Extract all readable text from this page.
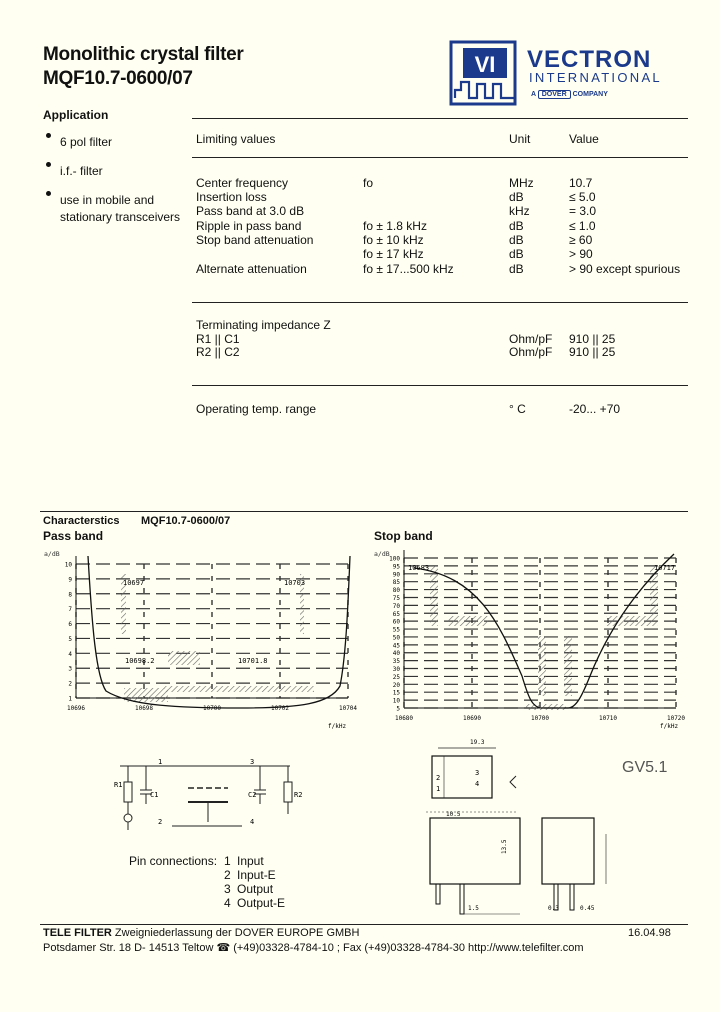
Monolithic crystal filter
MQF10.7-0600/07
VI VECTRON
INTERNATIONAL
A DOVER COMPANY
Application
6 pol filter
i.f.- filter
use in mobile and
stationary transceivers
Limiting values	Unit	Value
Terminating impedance Z
R1 || C1	Ohm/pF 910 || 25
R2 || C2	Ohm/pF 910 || 25
Operating temp. range	° C	-20... +70
Characterstics MQF10.7-0600/07
Pass band	Stop band
a/dB
10
9
8
7
6
5
4
3
2
1
10696	10698	10700	10702	10704
10697	10703
10698.2	10701.8
f/kHz
a/dB
100
95
90
85
80
75
70
65
60
55
50
45
40
35
30
25
20
15
10
5
10680	10690	10700	10710	10720
10683	10717
f/kHz
R1
C1	C2	R2
1
2
3
4
Pin connections:
19.3
2
1
3
4
GV5.1
1.5
13.5
0.3	0.45
10.5
TELE FILTER Zweigniederlassung der DOVER EUROPE GMBH	16.04.98
Potsdamer Str. 18 D- 14513 Teltow ☎ (+49)03328-4784-10 ; Fax (+49)03328-4784-30 http://www.telefilter.com
Center frequency	fo	MHz	10.7
Insertion loss	dB	≤ 5.0
Pass band at 3.0 dB	kHz	= 3.0
Ripple in pass band	fo ± 1.8 kHz	dB	≤ 1.0
Stop band attenuation	fo ± 10 kHz	dB	≥ 60
fo ± 17 kHz	dB	> 90
Alternate attenuation	fo ± 17...500 kHz	dB	> 90 except spurious
1 Input
2 Input-E
3 Output
4 Output-E
